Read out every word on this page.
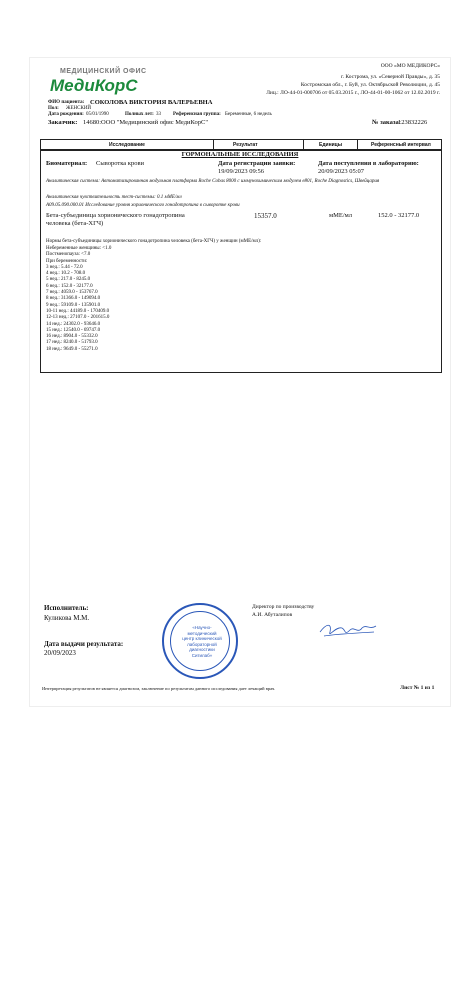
МЕДИЦИНСКИЙ ОФИС
МедиКорС
ООО «МО МЕДИКОРС»
г. Кострома, ул. «Северной Правды», д. 35
Костромская обл., г. Буй, ул. Октябрьской Революции, д. 45
Лиц.: ЛО-44-01-000706 от 05.03.2015 г., ЛО-44-01-00-1062 от 12.02.2019 г.
ФИО пациента: СОКОЛОВА ВИКТОРИЯ ВАЛЕРЬЕВНА
Пол: ЖЕНСКИЙ
Дата рождения: 05/01/1990	Полных лет: 33 Референсная группа: Беременные, 6 недель
Заказчик: 14680:ООО "Медицинский офис МедиКорС"	№ заказа:
123832226
Исследование	Результат	Единицы	Референсный интервал
ГОРМОНАЛЬНЫЕ ИССЛЕДОВАНИЯ
Биоматериал: Сыворотка крови	Дата регистрации заявки:
19/09/2023 09:56
Дата поступления в лабораторию:
20/09/2023 05:07
Аналитическая система: Автоматизированная модульная платформа Roche Cobas 8000 с иммунохимическим модулем e801, Roche Diagnostics, Швейцария
Аналитическая чувствительность тест-системы: 0.1 мМЕ/мл
A09.05.090.000.01 Исследование уровня хорионического гонадотропина в сыворотке крови
Бета-субъединица хорионического гонадотропина
человека (бета-ХГЧ)
15357.0	мМЕ/мл	152.0 - 32177.0
Нормы бета-субъединицы хорионического гонадотропина человека (бета-ХГЧ) у женщин (мМЕ/мл):
Небеременные женщины: <1.0
Постменопауза: <7.0
При беременности:
3 нед.: 5.44 - 72.0
4 нед.: 10.2 - 708.0
5 нед.: 217.0 - 8245.0
6 нед.: 152.0 - 32177.0
7 нед.: 4059.0 - 153767.0
8 нед.: 31366.0 - 149094.0
9 нед.: 59109.0 - 135901.0
10-11 нед.: 44189.0 - 170409.0
12-13 нед.: 27107.0 - 201615.0
14 нед.: 24302.0 - 93646.0
15 нед.: 12540.0 - 69747.0
16 нед.: 8904.0 - 55332.0
17 нед.: 8240.0 - 51793.0
18 нед.: 9649.0 - 55271.0
Исполнитель:
Куликова М.М.
Дата выдачи результата:
20/09/2023
Директор по производству
А.И. Абуталипов
«Научно-
методический
центр клинической
лабораторной
диагностики
Ситилаб»
Интерпретация результатов не является диагнозом, заключение по результатам данного исследования дает лечащий врач.	Лист № 1 из 1
